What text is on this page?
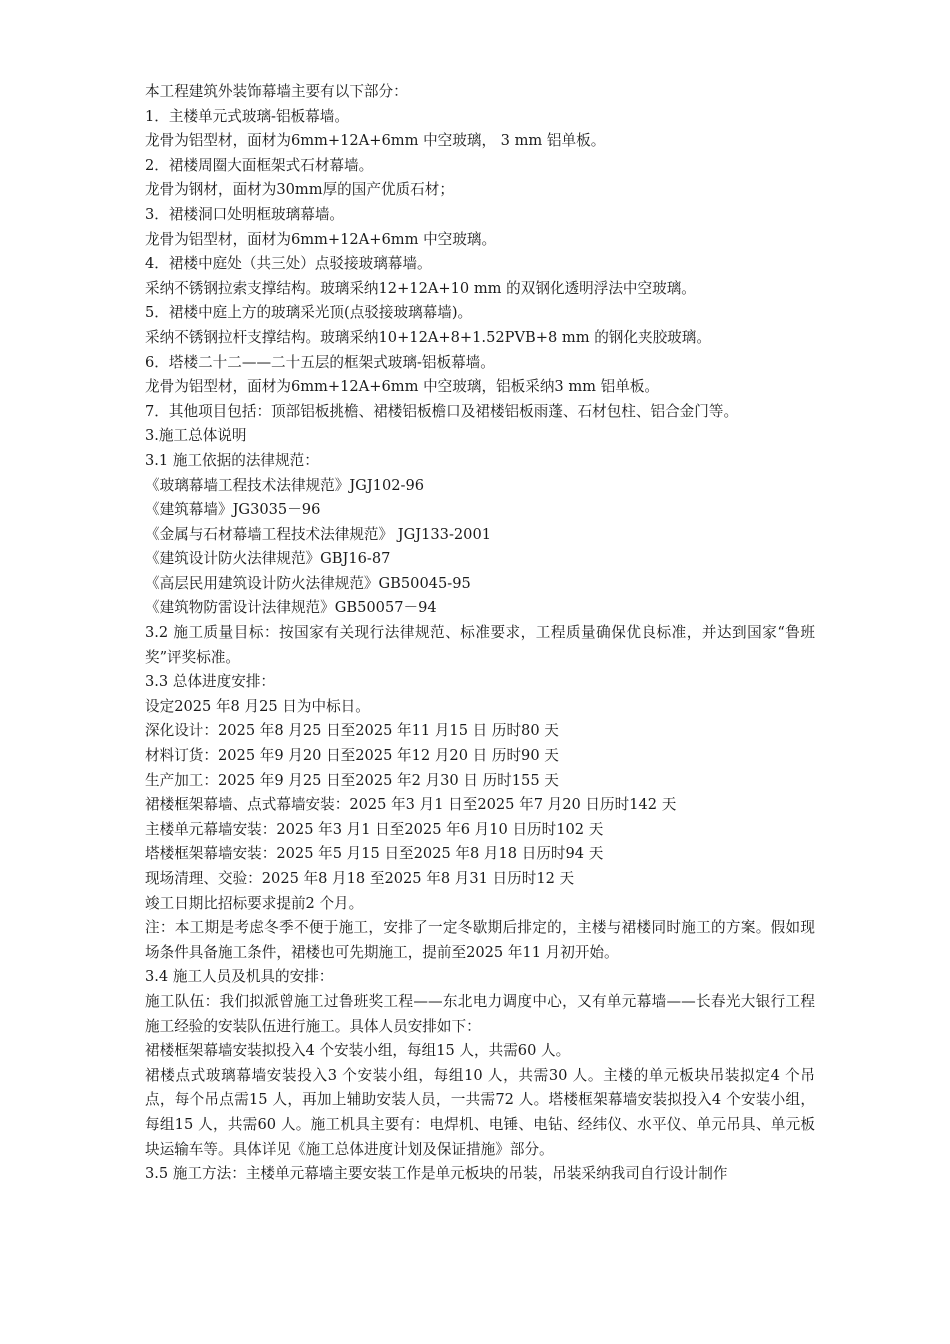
本工程建筑外装饰幕墙主要有以下部分：

1．主楼单元式玻璃-铝板幕墙。

龙骨为铝型材，面材为6mm+12A+6mm 中空玻璃， 3 mm 铝单板。

2．裙楼周圈大面框架式石材幕墙。

龙骨为钢材，面材为30mm厚的国产优质石材；

3．裙楼洞口处明框玻璃幕墙。

龙骨为铝型材，面材为6mm+12A+6mm 中空玻璃。

4．裙楼中庭处（共三处）点驳接玻璃幕墙。

采纳不锈钢拉索支撑结构。玻璃采纳12+12A+10 mm 的双钢化透明浮法中空玻璃。

5．裙楼中庭上方的玻璃采光顶(点驳接玻璃幕墙)。

采纳不锈钢拉杆支撑结构。玻璃采纳10+12A+8+1.52PVB+8 mm 的钢化夹胶玻璃。

6．塔楼二十二——二十五层的框架式玻璃-铝板幕墙。

龙骨为铝型材，面材为6mm+12A+6mm 中空玻璃，铝板采纳3 mm 铝单板。

7．其他项目包括：顶部铝板挑檐、裙楼铝板檐口及裙楼铝板雨蓬、石材包柱、铝合金门等。

3.施工总体说明

3.1 施工依据的法律规范：

《玻璃幕墙工程技术法律规范》JGJ102-96

《建筑幕墙》JG3035－96

《金属与石材幕墙工程技术法律规范》 JGJ133-2001

《建筑设计防火法律规范》GBJ16-87

《高层民用建筑设计防火法律规范》GB50045-95

《建筑物防雷设计法律规范》GB50057－94

3.2 施工质量目标：按国家有关现行法律规范、标准要求，工程质量确保优良标准，并达到国家“鲁班奖”评奖标准。

3.3 总体进度安排：

设定2025 年8 月25 日为中标日。

深化设计：2025 年8 月25 日至2025 年11 月15 日 历时80 天

材料订货：2025 年9 月20 日至2025 年12 月20 日 历时90 天

生产加工：2025 年9 月25 日至2025 年2 月30 日 历时155 天

裙楼框架幕墙、点式幕墙安装：2025 年3 月1 日至2025 年7 月20 日历时142 天

主楼单元幕墙安装：2025 年3 月1 日至2025 年6 月10 日历时102 天

塔楼框架幕墙安装：2025 年5 月15 日至2025 年8 月18 日历时94 天

现场清理、交验：2025 年8 月18 至2025 年8 月31 日历时12 天

竣工日期比招标要求提前2 个月。

注：本工期是考虑冬季不便于施工，安排了一定冬歇期后排定的，主楼与裙楼同时施工的方案。假如现场条件具备施工条件，裙楼也可先期施工，提前至2025 年11 月初开始。

3.4 施工人员及机具的安排：

施工队伍：我们拟派曾施工过鲁班奖工程——东北电力调度中心，又有单元幕墙——长春光大银行工程施工经验的安装队伍进行施工。具体人员安排如下：

裙楼框架幕墙安装拟投入4 个安装小组，每组15 人，共需60 人。

裙楼点式玻璃幕墙安装投入3 个安装小组，每组10 人，共需30 人。主楼的单元板块吊装拟定4 个吊点，每个吊点需15 人，再加上辅助安装人员，一共需72 人。塔楼框架幕墙安装拟投入4 个安装小组，每组15 人，共需60 人。施工机具主要有：电焊机、电锤、电钻、经纬仪、水平仪、单元吊具、单元板块运输车等。具体详见《施工总体进度计划及保证措施》部分。

3.5 施工方法：主楼单元幕墙主要安装工作是单元板块的吊装，吊装采纳我司自行设计制作
